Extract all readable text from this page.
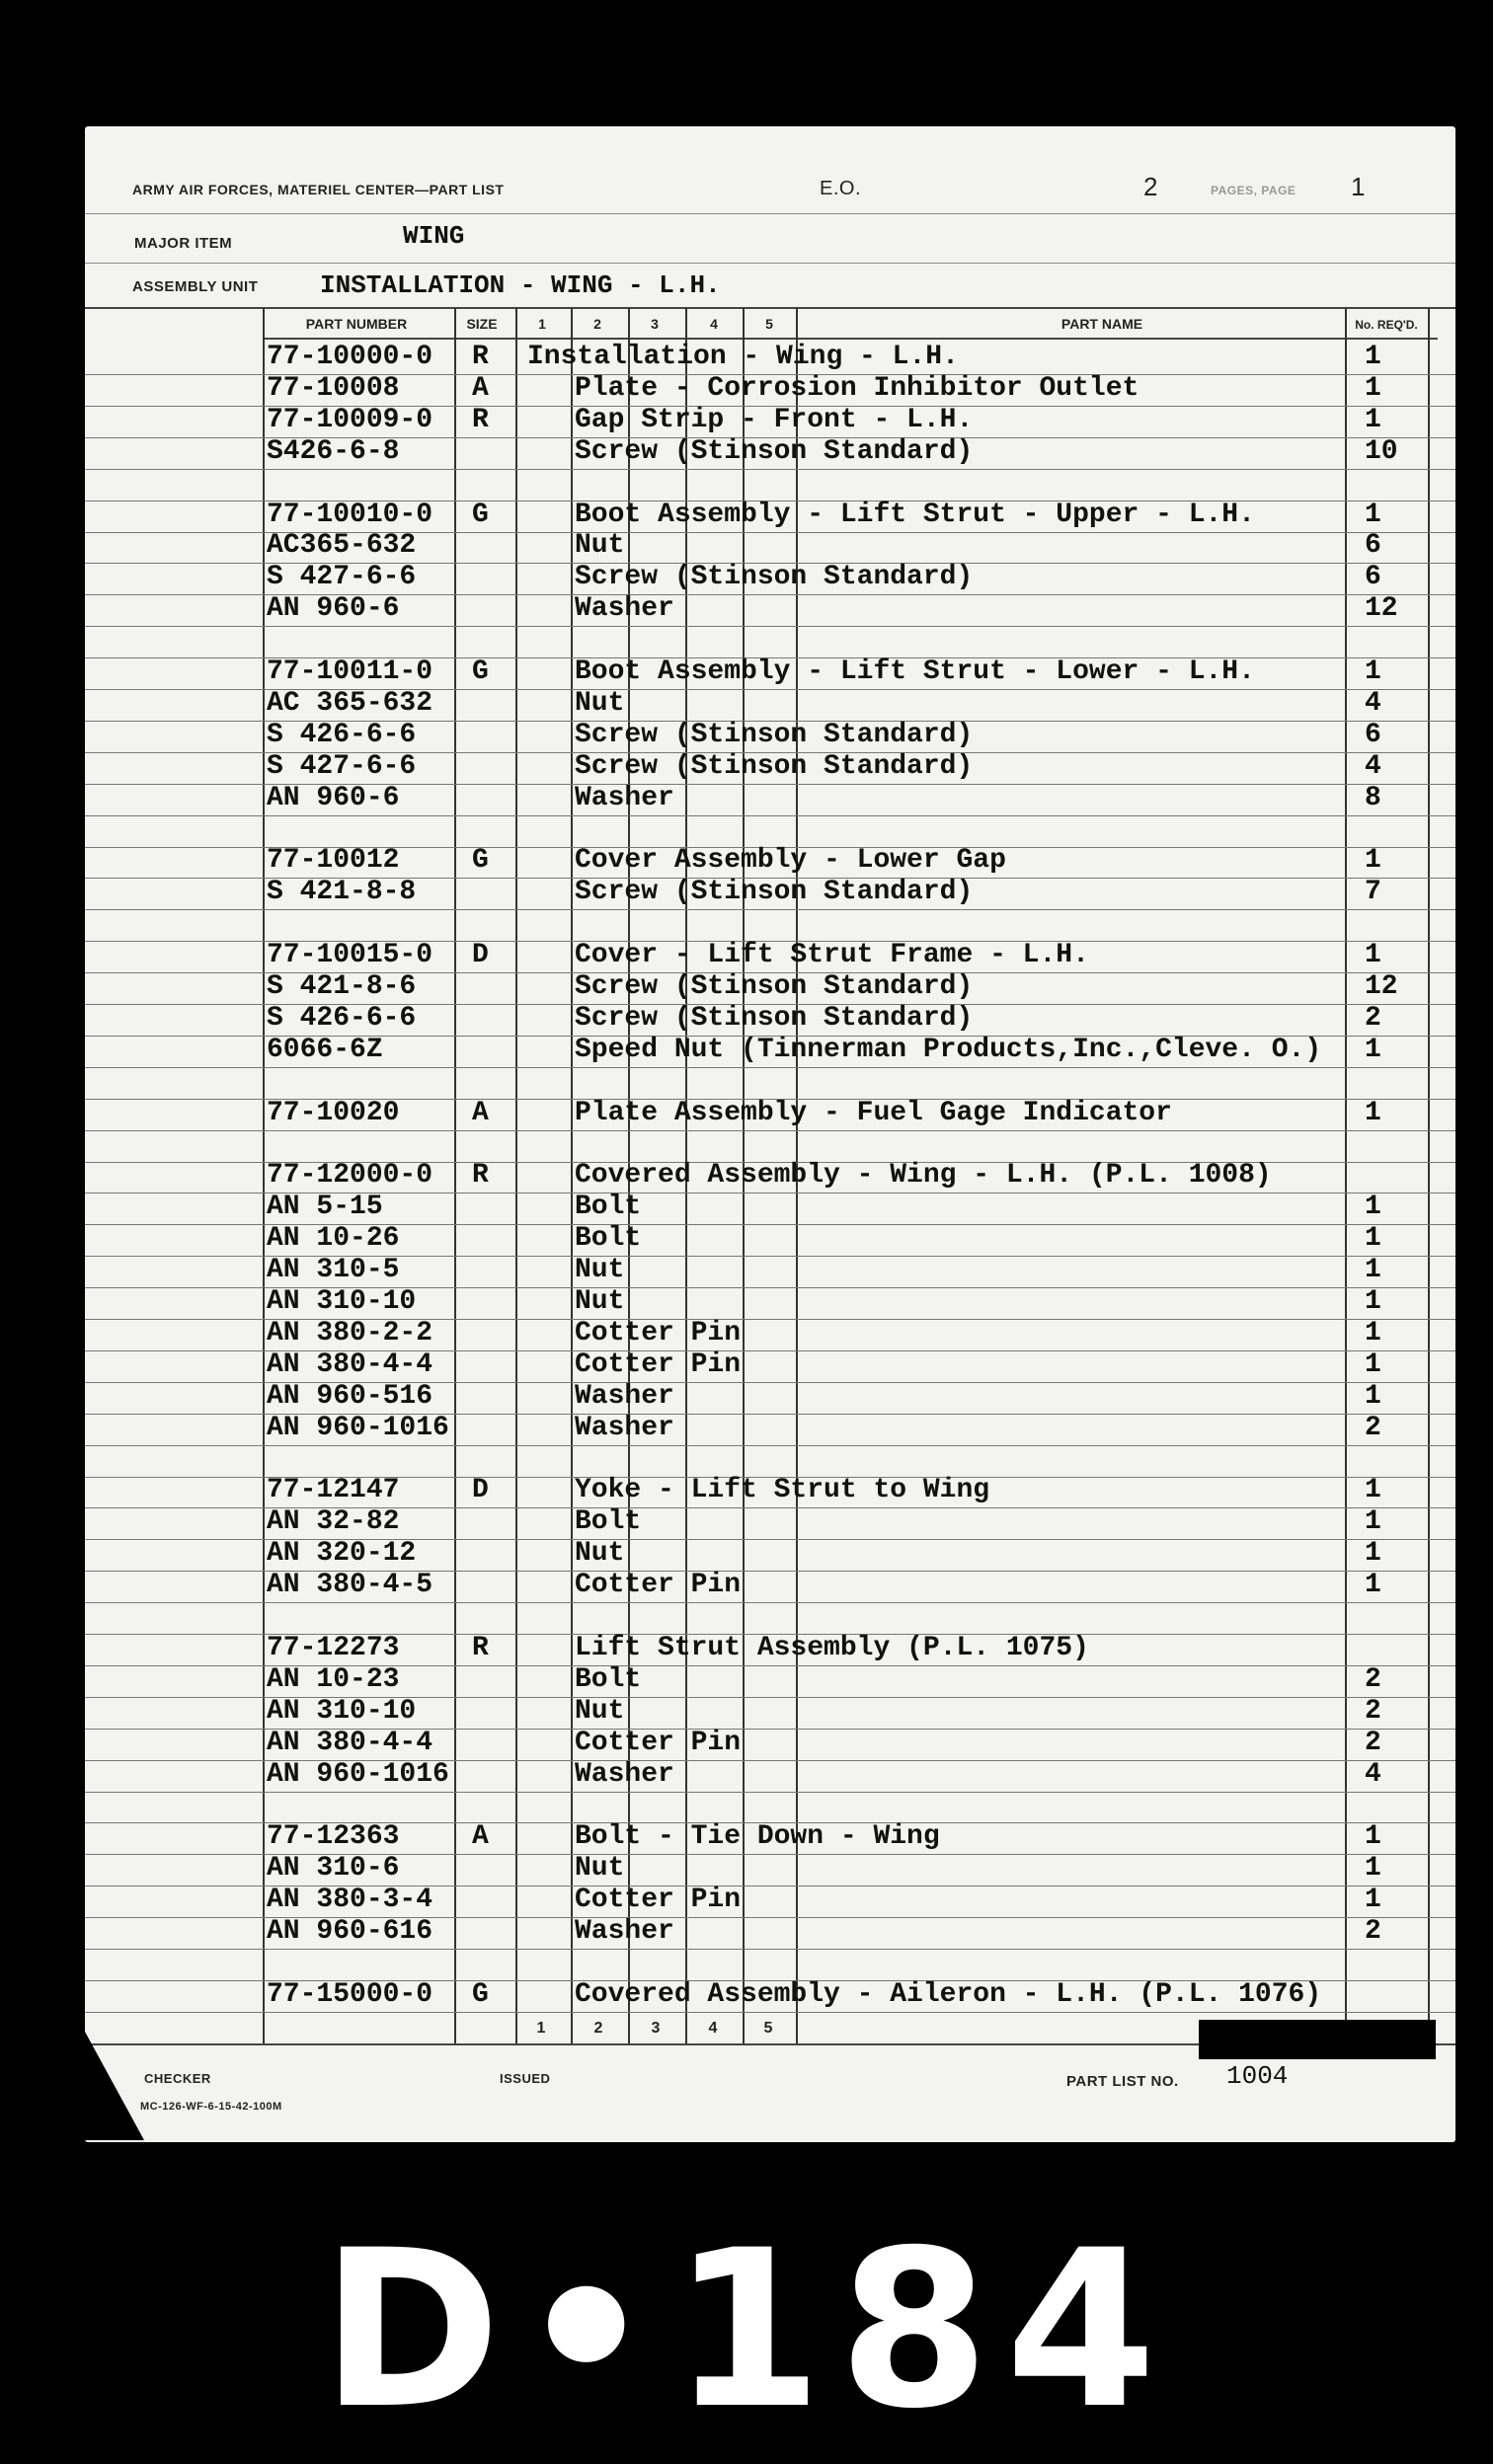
ARMY AIR FORCES, MATERIEL CENTER—PART LIST	E.O.	2	PAGES, PAGE 1
MAJOR ITEM	WING
ASSEMBLY UNIT INSTALLATION - WING - L.H.
PART NUMBER	SIZE	1	2	3	4	5	PART NAME	No. REQ'D.
77-10000-0 R Installation - Wing - L.H.	1
77-10008	A	Plate - Corrosion Inhibitor Outlet	1
77-10009-0 R	Gap Strip - Front - L.H.	1
S426-6-8	Screw (Stinson Standard)	10
77-10010-0 G	Boot Assembly - Lift Strut - Upper - L.H.	1
AC365-632	Nut	6
S 427-6-6	Screw (Stinson Standard)	6
AN 960-6	Washer	12
77-10011-0 G	Boot Assembly - Lift Strut - Lower - L.H.	1
AC 365-632	Nut	4
S 426-6-6	Screw (Stinson Standard)	6
S 427-6-6	Screw (Stinson Standard)	4
AN 960-6	Washer	8
77-10012	G	Cover Assembly - Lower Gap	1
S 421-8-8	Screw (Stinson Standard)	7
77-10015-0 D	Cover - Lift Strut Frame - L.H.	1
S 421-8-6	Screw (Stinson Standard)	12
S 426-6-6	Screw (Stinson Standard)	2
6066-6Z	Speed Nut (Tinnerman Products,Inc.,Cleve. O.) 1
77-10020	A	Plate Assembly - Fuel Gage Indicator	1
77-12000-0 R	Covered Assembly - Wing - L.H. (P.L. 1008)
AN 5-15	Bolt	1
AN 10-26	Bolt	1
AN 310-5	Nut	1
AN 310-10	Nut	1
AN 380-2-2	Cotter Pin	1
AN 380-4-4	Cotter Pin	1
AN 960-516	Washer	1
AN 960-1016	Washer	2
77-12147	D	Yoke - Lift Strut to Wing	1
AN 32-82	Bolt	1
AN 320-12	Nut	1
AN 380-4-5	Cotter Pin	1
77-12273	R	Lift Strut Assembly (P.L. 1075)
AN 10-23	Bolt	2
AN 310-10	Nut	2
AN 380-4-4	Cotter Pin	2
AN 960-1016	Washer	4
77-12363	A	Bolt - Tie Down - Wing	1
AN 310-6	Nut	1
AN 380-3-4	Cotter Pin	1
AN 960-616	Washer	2
77-15000-0 G	Covered Assembly - Aileron - L.H. (P.L. 1076)
1	2	3	4	5
CHECKER	ISSUED	PART LIST NO. 1004
MC-126-WF-6-15-42-100M
D•184
